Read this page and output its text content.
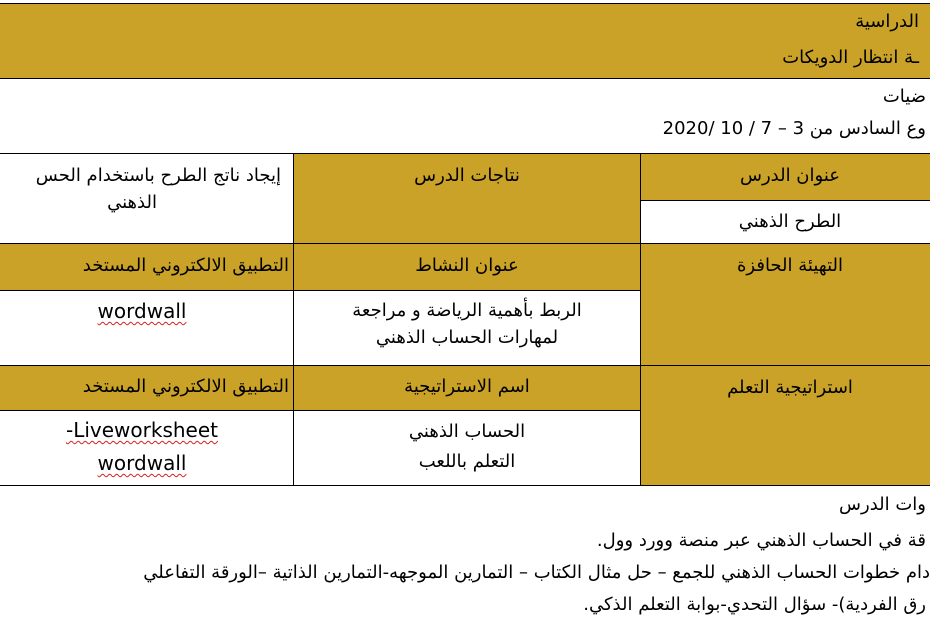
الدراسية
ـة انتظار الدويكات
ضيات
وع السادس من 3 – 7 / 10 /2020
عنوان الدرس
الطرح الذهني
نتاجات الدرس
إيجاد ناتج الطرح باستخدام الحس
الذهني
التهيئة الحافزة
عنوان النشاط
الربط بأهمية الرياضة و مراجعة
لمهارات الحساب الذهني
التطبيق الالكتروني المستخد
wordwall
استراتيجية التعلم
اسم الاستراتيجية
الحساب الذهني
التعلم باللعب
التطبيق الالكتروني المستخد
Liveworksheet-
wordwall
وات الدرس
قة في الحساب الذهني عبر منصة وورد وول.
دام خطوات الحساب الذهني للجمع – حل مثال الكتاب – التمارين الموجهه-التمارين الذاتية –الورقة التفاعلي
رق الفردية)- سؤال التحدي-بوابة التعلم الذكي.
